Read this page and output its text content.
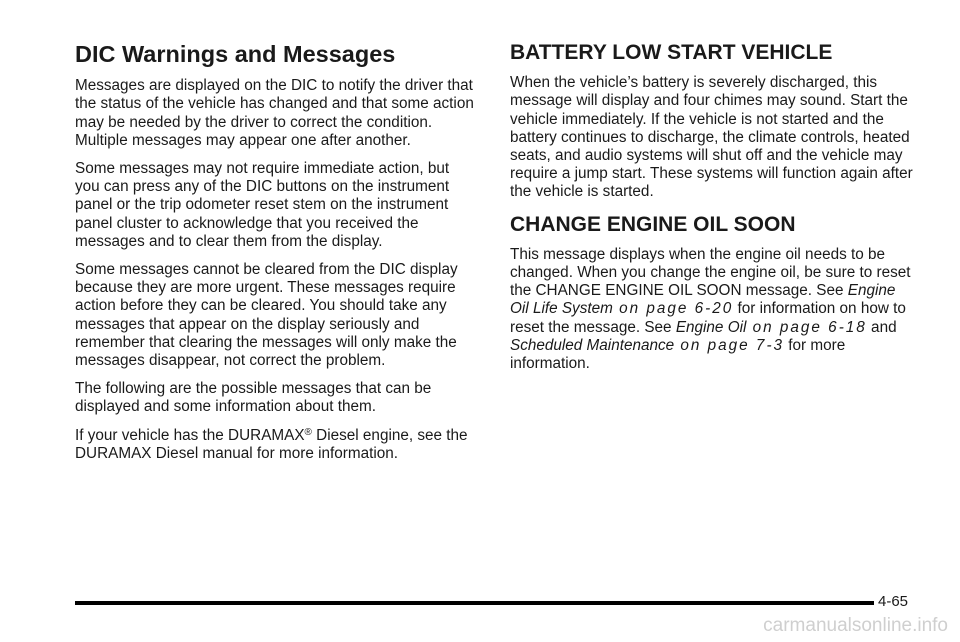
DIC Warnings and Messages

Messages are displayed on the DIC to notify the driver that the status of the vehicle has changed and that some action may be needed by the driver to correct the condition. Multiple messages may appear one after another.

Some messages may not require immediate action, but you can press any of the DIC buttons on the instrument panel or the trip odometer reset stem on the instrument panel cluster to acknowledge that you received the messages and to clear them from the display.

Some messages cannot be cleared from the DIC display because they are more urgent. These messages require action before they can be cleared. You should take any messages that appear on the display seriously and remember that clearing the messages will only make the messages disappear, not correct the problem.

The following are the possible messages that can be displayed and some information about them.

If your vehicle has the DURAMAX® Diesel engine, see the DURAMAX Diesel manual for more information.

BATTERY LOW START VEHICLE

When the vehicle’s battery is severely discharged, this message will display and four chimes may sound. Start the vehicle immediately. If the vehicle is not started and the battery continues to discharge, the climate controls, heated seats, and audio systems will shut off and the vehicle may require a jump start. These systems will function again after the vehicle is started.

CHANGE ENGINE OIL SOON

This message displays when the engine oil needs to be changed. When you change the engine oil, be sure to reset the CHANGE ENGINE OIL SOON message. See Engine Oil Life System on page 6‑20 for information on how to reset the message. See Engine Oil on page 6‑18 and Scheduled Maintenance on page 7‑3 for more information.

4-65
carmanualsonline.info
